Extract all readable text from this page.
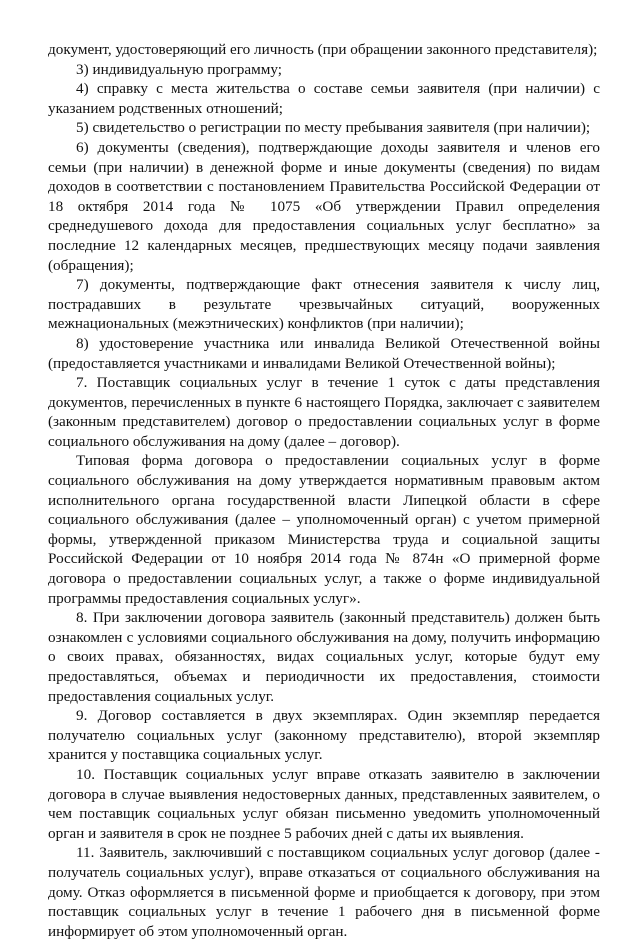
документ, удостоверяющий его личность (при обращении законного представителя);

3) индивидуальную программу;

4) справку с места жительства о составе семьи заявителя (при наличии) с указанием родственных отношений;

5) свидетельство о регистрации по месту пребывания заявителя (при наличии);

6) документы (сведения), подтверждающие доходы заявителя и членов его семьи (при наличии) в денежной форме и иные документы (сведения) по видам доходов в соответствии с постановлением Правительства Российской Федерации от 18 октября 2014 года № 1075 «Об утверждении Правил определения среднедушевого дохода для предоставления социальных услуг бесплатно» за последние 12 календарных месяцев, предшествующих месяцу подачи заявления (обращения);

7) документы, подтверждающие факт отнесения заявителя к числу лиц, пострадавших в результате чрезвычайных ситуаций, вооруженных межнациональных (межэтнических) конфликтов (при наличии);

8) удостоверение участника или инвалида Великой Отечественной войны (предоставляется участниками и инвалидами Великой Отечественной войны);

7. Поставщик социальных услуг в течение 1 суток с даты представления документов, перечисленных в пункте 6 настоящего Порядка, заключает с заявителем (законным представителем) договор о предоставлении социальных услуг в форме социального обслуживания на дому (далее – договор).

Типовая форма договора о предоставлении социальных услуг в форме социального обслуживания на дому утверждается нормативным правовым актом исполнительного органа государственной власти Липецкой области в сфере социального обслуживания (далее – уполномоченный орган) с учетом примерной формы, утвержденной приказом Министерства труда и социальной защиты Российской Федерации от 10 ноября 2014 года № 874н «О примерной форме договора о предоставлении социальных услуг, а также о форме индивидуальной программы предоставления социальных услуг».

8. При заключении договора заявитель (законный представитель) должен быть ознакомлен с условиями социального обслуживания на дому, получить информацию о своих правах, обязанностях, видах социальных услуг, которые будут ему предоставляться, объемах и периодичности их предоставления, стоимости предоставления социальных услуг.

9. Договор составляется в двух экземплярах. Один экземпляр передается получателю социальных услуг (законному представителю), второй экземпляр хранится у поставщика социальных услуг.

10. Поставщик социальных услуг вправе отказать заявителю в заключении договора в случае выявления недостоверных данных, представленных заявителем, о чем поставщик социальных услуг обязан письменно уведомить уполномоченный орган и заявителя в срок не позднее 5 рабочих дней с даты их выявления.

11. Заявитель, заключивший с поставщиком социальных услуг договор (далее - получатель социальных услуг), вправе отказаться от социального обслуживания на дому. Отказ оформляется в письменной форме и приобщается к договору, при этом поставщик социальных услуг в течение 1 рабочего дня в письменной форме информирует об этом уполномоченный орган.
